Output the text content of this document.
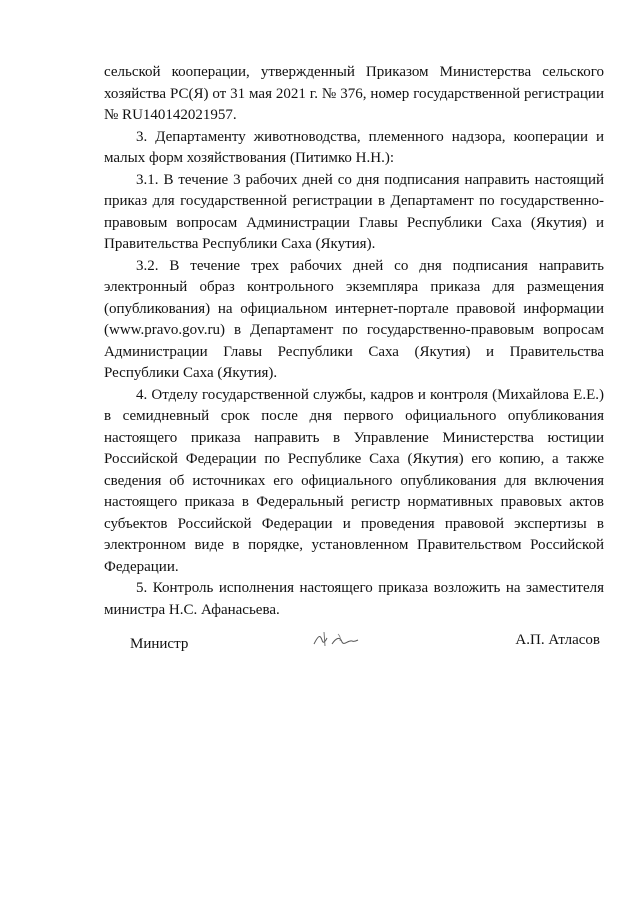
сельской кооперации, утвержденный Приказом Министерства сельского хозяйства РС(Я) от 31 мая 2021 г. № 376, номер государственной регистрации № RU140142021957.

3. Департаменту животноводства, племенного надзора, кооперации и малых форм хозяйствования (Питимко Н.Н.):

3.1. В течение 3 рабочих дней со дня подписания направить настоящий приказ для государственной регистрации в Департамент по государственно-правовым вопросам Администрации Главы Республики Саха (Якутия) и Правительства Республики Саха (Якутия).

3.2. В течение трех рабочих дней со дня подписания направить электронный образ контрольного экземпляра приказа для размещения (опубликования) на официальном интернет-портале правовой информации (www.pravo.gov.ru) в Департамент по государственно-правовым вопросам Администрации Главы Республики Саха (Якутия) и Правительства Республики Саха (Якутия).

4. Отделу государственной службы, кадров и контроля (Михайлова Е.Е.) в семидневный срок после дня первого официального опубликования настоящего приказа направить в Управление Министерства юстиции Российской Федерации по Республике Саха (Якутия) его копию, а также сведения об источниках его официального опубликования для включения настоящего приказа в Федеральный регистр нормативных правовых актов субъектов Российской Федерации и проведения правовой экспертизы в электронном виде в порядке, установленном Правительством Российской Федерации.

5. Контроль исполнения настоящего приказа возложить на заместителя министра Н.С. Афанасьева.

Министр	А.П. Атласов
